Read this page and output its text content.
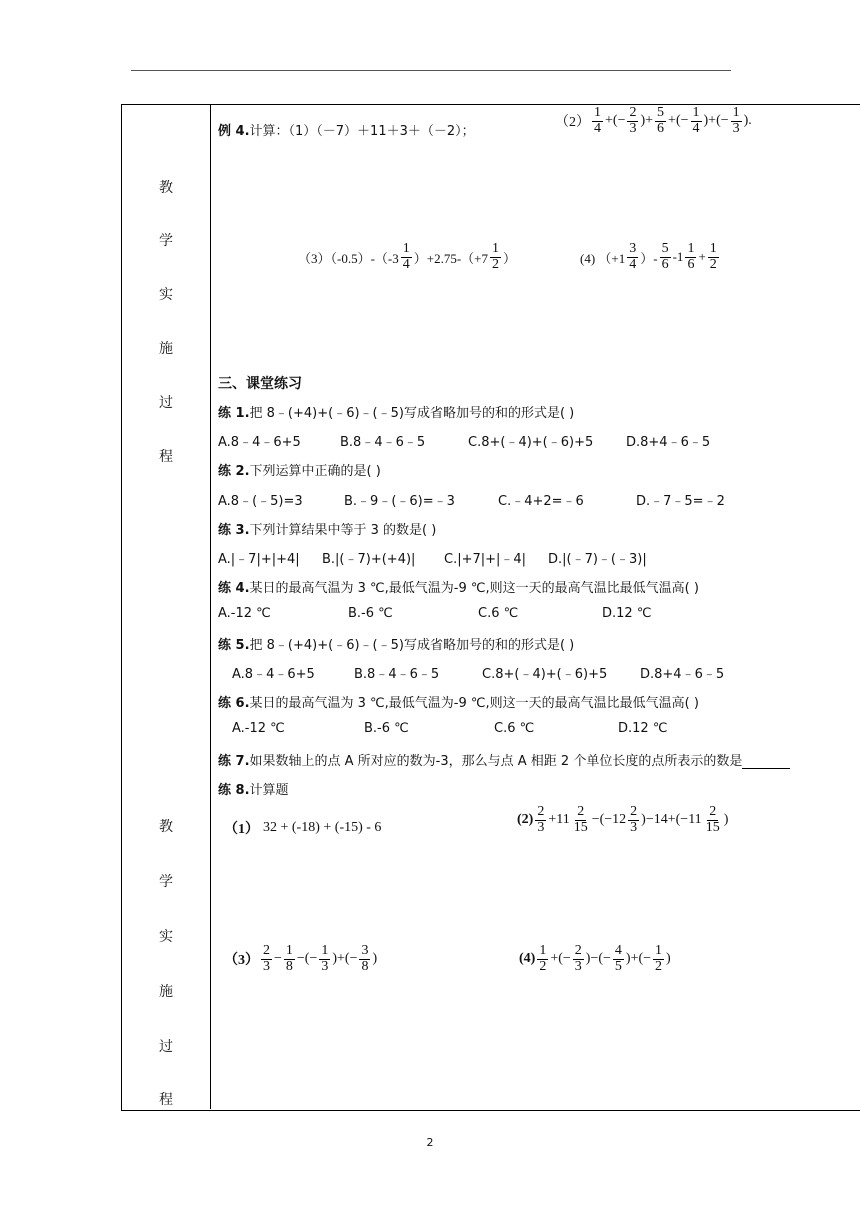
教
学
实
施
过
程
教
学
实
施
过
程
例 4.计算：（1）（－7）＋11＋3＋（－2）；
$(2) \frac{1}{4}$ + (− $\frac{2}{3}$ ) + $\frac{5}{6}$ +(− $\frac{1}{4}$ ) +(− $\frac{1}{3}$ ).
$(3)(-0.5)-(-3 \frac{1}{4} )+2.75-(+7 \frac{1}{2}$ ）	(4) （$+1 \frac{3}{4}$ ）- $\frac{5}{6} -1 \frac{1}{6} + \frac{1}{2}$
三、课堂练习
练 1.把 8﹣(+4)+(﹣6)﹣(﹣5)写成省略加号的和的形式是( )
A.8﹣4﹣6+5	B.8﹣4﹣6﹣5	C.8+(﹣4)+(﹣6)+5	D.8+4﹣6﹣5
练 2.下列运算中正确的是( )
A.8﹣(﹣5)=3	B.﹣9﹣(﹣6)=﹣3	C.﹣4+2=﹣6	D.﹣7﹣5=﹣2
练 3.下列计算结果中等于 3 的数是( )
A.|﹣7|+|+4| B.|(﹣7)+(+4)| C.|+7|+|﹣4| D.|(﹣7)﹣(﹣3)|
练 4.某日的最高气温为 3 ℃,最低气温为-9 ℃,则这一天的最高气温比最低气温高( )
A.-12 ℃	B.-6 ℃	C.6 ℃	D.12 ℃
练 5.把 8﹣(+4)+(﹣6)﹣(﹣5)写成省略加号的和的形式是( )
A.8﹣4﹣6+5	B.8﹣4﹣6﹣5	C.8+(﹣4)+(﹣6)+5	D.8+4﹣6﹣5
练 6.某日的最高气温为 3 ℃,最低气温为-9 ℃,则这一天的最高气温比最低气温高( )
A.-12 ℃	B.-6 ℃	C.6 ℃	D.12 ℃
练 7.如果数轴上的点 A 所对应的数为-3，那么与点 A 相距 2 个单位长度的点所表示的数是
练 8.计算题
（1） 32 + (-18) + (-15) - 6
$(2) \frac{2}{3} + 11 \frac{2}{15}$ −(− $12 \frac{2}{3}$ ) −14 +(− $11 \frac{2}{15}$ )
$(3) \frac{2}{3} - \frac{1}{8}$ −(− $\frac{1}{3}$ ) +(− $\frac{3}{8}$ )	$(4) \frac{1}{2}$ +(− $\frac{2}{3}$ )−(− $\frac{4}{5}$ )+(− $\frac{1}{2}$ )
2
